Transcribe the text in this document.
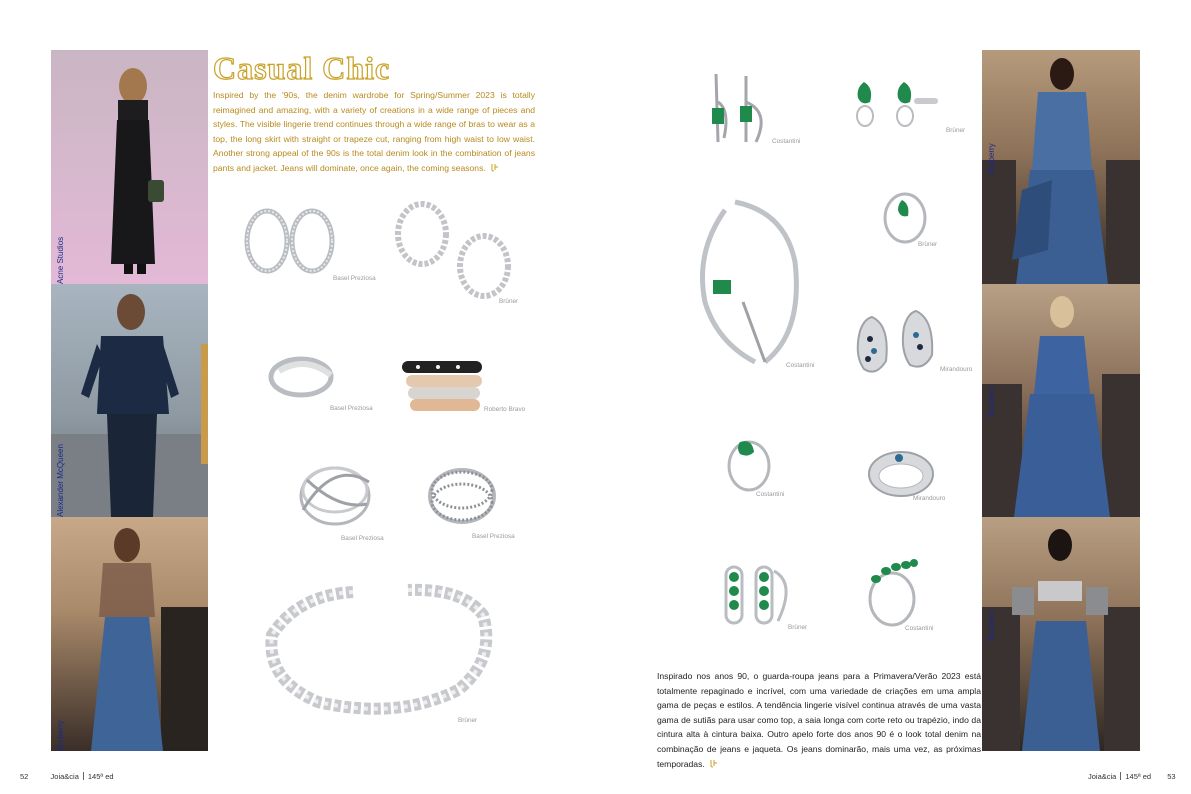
Acne Studios
Alexander McQueen
Burberry
Casual Chic
Inspired by the '90s, the denim wardrobe for Spring/Summer 2023 is totally reimagined and amazing, with a variety of creations in a wide range of pieces and styles. The visible lingerie trend continues through a wide range of bras to wear as a top, the long skirt with straight or trapeze cut, ranging from high waist to low waist. Another strong appeal of the 90s is the total denim look in the combination of jeans pants and jacket. Jeans will dominate, once again, the coming seasons.
Basel Preziosa
Brüner
Basel Preziosa	Roberto Bravo
Basel Preziosa	Basel Preziosa
Brüner
Costantini
Brüner
Brüner
Costantini
Mirandouro
Costantini
Mirandouro
Brüner	Costantini
Burberry
Burberry
Burberry
Inspirado nos anos 90, o guarda-roupa jeans para a Primavera/Verão 2023 está totalmente repaginado e incrível, com uma variedade de criações em uma ampla gama de peças e estilos. A tendência lingerie visível continua através de uma vasta gama de sutiãs para usar como top, a saia longa com corte reto ou trapézio, indo da cintura alta à cintura baixa. Outro apelo forte dos anos 90 é o look total denim na combinação de jeans e jaqueta. Os jeans dominarão, mais uma vez, as próximas temporadas.
52	Joia&cia 145ª ed	Joia&cia 145ª ed 53
